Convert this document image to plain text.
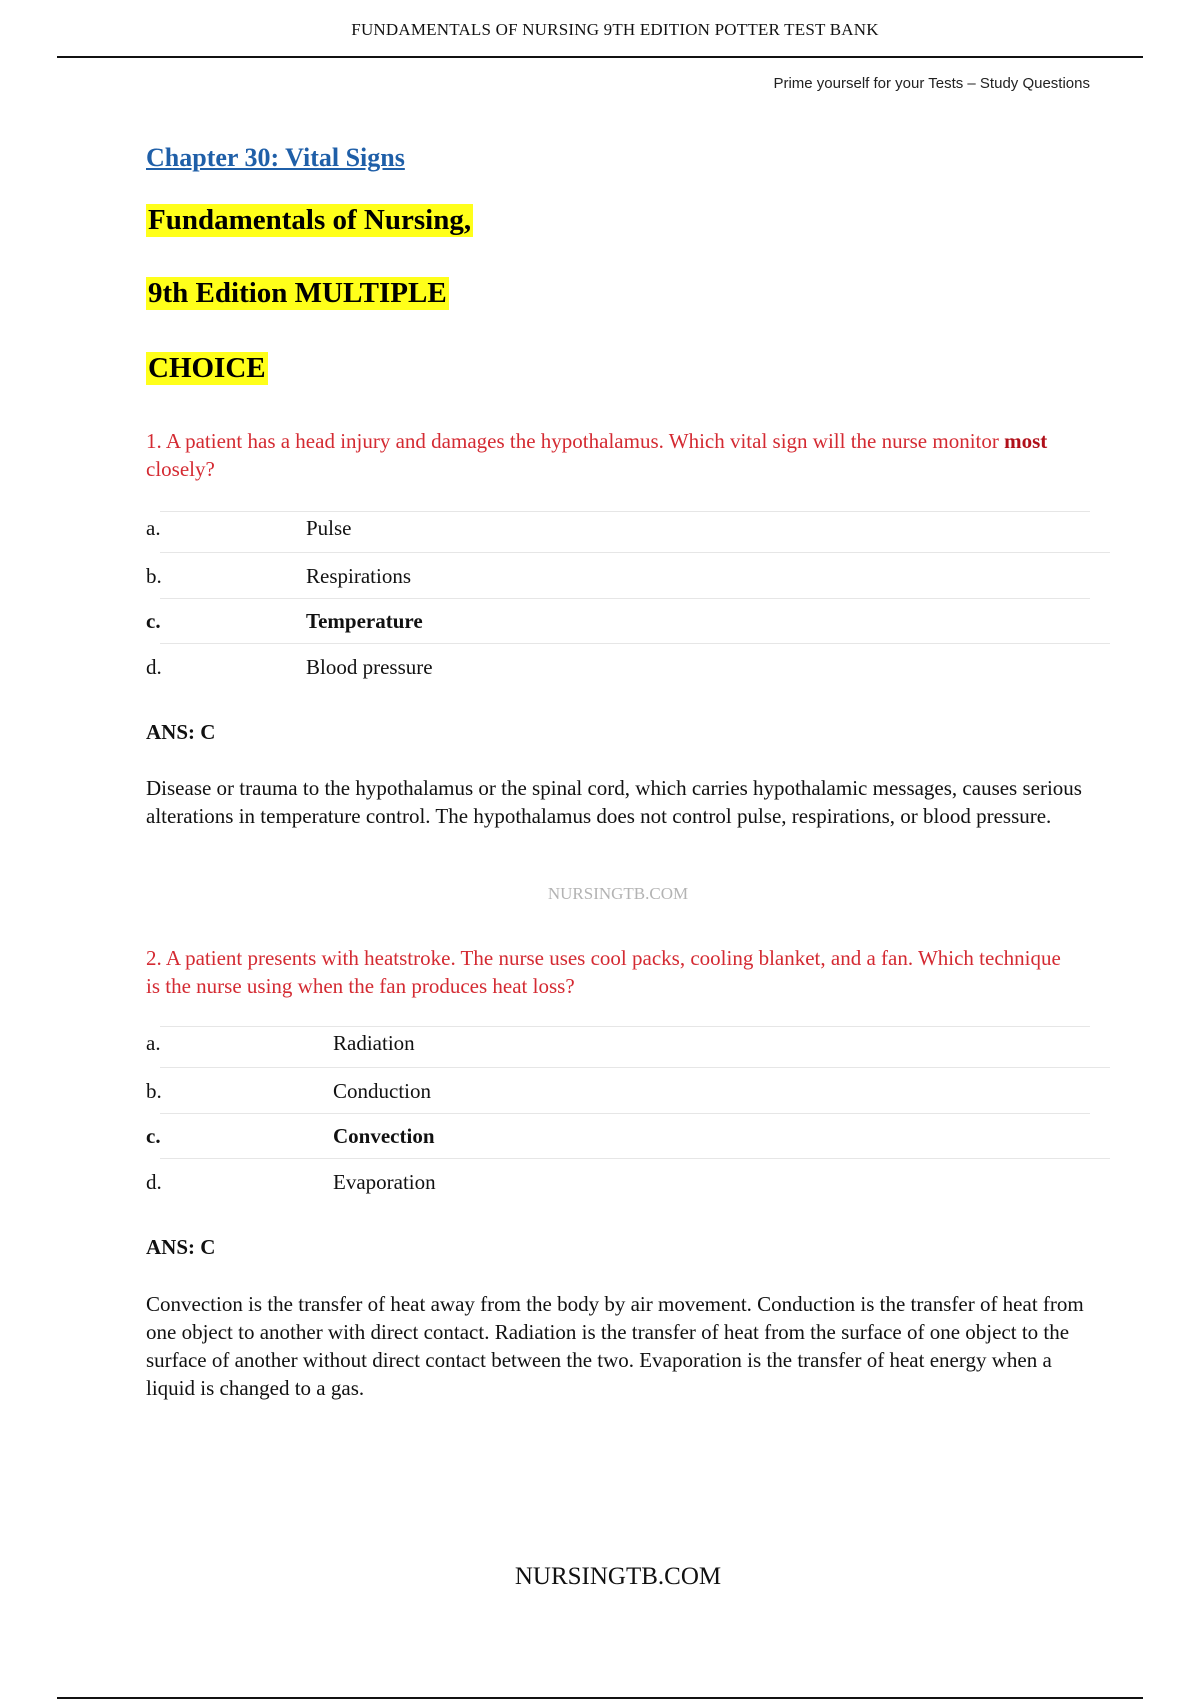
FUNDAMENTALS OF NURSING 9TH EDITION POTTER TEST BANK
Prime yourself for your Tests – Study Questions
Chapter 30: Vital Signs
Fundamentals of Nursing,
9th Edition MULTIPLE
CHOICE
1. A patient has a head injury and damages the hypothalamus. Which vital sign will the nurse monitor most closely?
a.	Pulse
b.	Respirations
c.	Temperature
d.	Blood pressure
ANS: C
Disease or trauma to the hypothalamus or the spinal cord, which carries hypothalamic messages, causes serious alterations in temperature control. The hypothalamus does not control pulse, respirations, or blood pressure.
NURSINGTB.COM
2. A patient presents with heatstroke. The nurse uses cool packs, cooling blanket, and a fan. Which technique is the nurse using when the fan produces heat loss?
a.	Radiation
b.	Conduction
c.	Convection
d.	Evaporation
ANS: C
Convection is the transfer of heat away from the body by air movement. Conduction is the transfer of heat from one object to another with direct contact. Radiation is the transfer of heat from the surface of one object to the surface of another without direct contact between the two. Evaporation is the transfer of heat energy when a liquid is changed to a gas.
NURSINGTB.COM
